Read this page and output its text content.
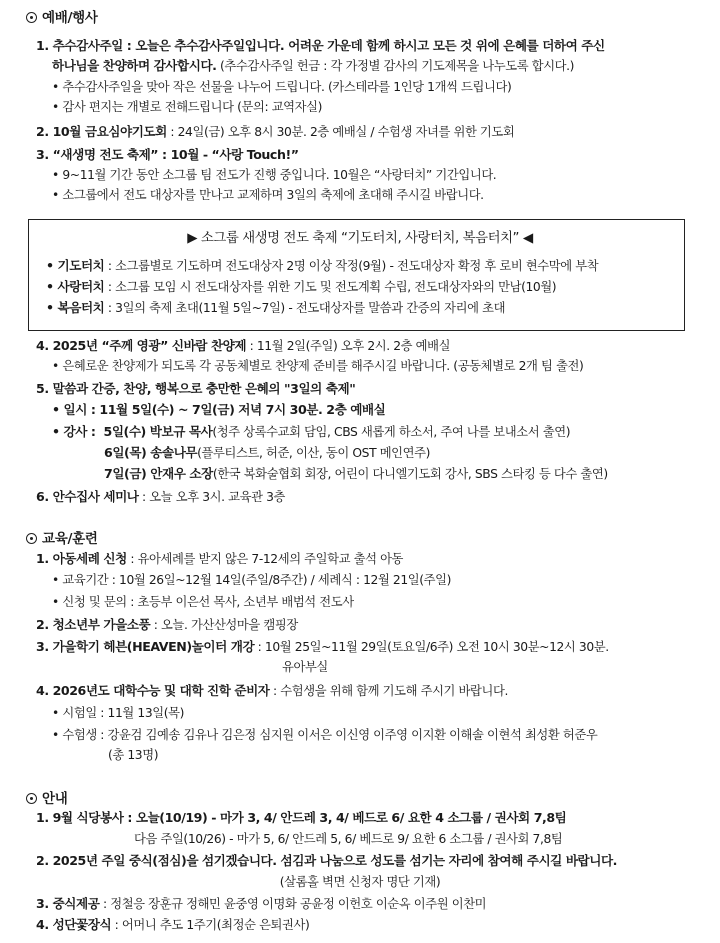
예배/행사
1. 추수감사주일 : 오늘은 추수감사주일입니다. 어려운 가운데 함께 하시고 모든 것 위에 은혜를 더하여 주신
하나님을 찬양하며 감사합시다. (추수감사주일 헌금 : 각 가정별 감사의 기도제목을 나누도록 합시다.)
• 추수감사주일을 맞아 작은 선물을 나누어 드립니다. (카스테라를 1인당 1개씩 드립니다)
• 감사 편지는 개별로 전해드립니다 (문의: 교역자실)
2. 10월 금요심야기도회 : 24일(금) 오후 8시 30분. 2층 예배실 / 수험생 자녀를 위한 기도회
3. “새생명 전도 축제” : 10월 - “사랑 Touch!”
• 9~11월 기간 동안 소그룹 팀 전도가 진행 중입니다. 10월은 “사랑터치” 기간입니다.
• 소그룹에서 전도 대상자를 만나고 교제하며 3일의 축제에 초대해 주시길 바랍니다.
▶ 소그룹 새생명 전도 축제 “기도터치, 사랑터치, 복음터치” ◀
• 기도터치 : 소그룹별로 기도하며 전도대상자 2명 이상 작정(9월) - 전도대상자 확정 후 로비 현수막에 부착
• 사랑터치 : 소그룹 모임 시 전도대상자를 위한 기도 및 전도계획 수립, 전도대상자와의 만남(10월)
• 복음터치 : 3일의 축제 초대(11월 5일~7일) - 전도대상자를 말씀과 간증의 자리에 초대
4. 2025년 “주께 영광” 신바람 찬양제 : 11월 2일(주일) 오후 2시. 2층 예배실
• 은혜로운 찬양제가 되도록 각 공동체별로 찬양제 준비를 해주시길 바랍니다. (공동체별로 2개 팀 출전)
5. 말씀과 간증, 찬양, 행복으로 충만한 은혜의 "3일의 축제"
• 일시 : 11월 5일(수) ~ 7일(금) 저녁 7시 30분. 2층 예배실
• 강사 : 5일(수) 박보규 목사(청주 상록수교회 담임, CBS 새롭게 하소서, 주여 나를 보내소서 출연)
6일(목) 송솔나무(플루티스트, 허준, 이산, 동이 OST 메인연주)
7일(금) 안재우 소장(한국 복화술협회 회장, 어린이 다니엘기도회 강사, SBS 스타킹 등 다수 출연)
6. 안수집사 세미나 : 오늘 오후 3시. 교육관 3층
교육/훈련
1. 아동세례 신청 : 유아세례를 받지 않은 7-12세의 주일학교 출석 아동
• 교육기간 : 10월 26일~12월 14일(주일/8주간) / 세례식 : 12월 21일(주일)
• 신청 및 문의 : 초등부 이은선 목사, 소년부 배범석 전도사
2. 청소년부 가을소풍 : 오늘. 가산산성마을 캠핑장
3. 가을학기 헤븐(HEAVEN)놀이터 개강 : 10월 25일~11월 29일(토요일/6주) 오전 10시 30분~12시 30분.
유아부실
4. 2026년도 대학수능 및 대학 진학 준비자 : 수험생을 위해 함께 기도해 주시기 바랍니다.
• 시험일 : 11월 13일(목)
• 수험생 : 강윤검 김예송 김유나 김은정 심지원 이서은 이신영 이주영 이지환 이해솔 이현석 최성환 허준우
(총 13명)
안내
1. 9월 식당봉사 : 오늘(10/19) - 마가 3, 4/ 안드레 3, 4/ 베드로 6/ 요한 4 소그룹 / 권사회 7,8팀
다음 주일(10/26) - 마가 5, 6/ 안드레 5, 6/ 베드로 9/ 요한 6 소그룹 / 권사회 7,8팀
2. 2025년 주일 중식(점심)을 섬기겠습니다. 섬김과 나눔으로 성도를 섬기는 자리에 참여해 주시길 바랍니다.
(살롬홀 벽면 신청자 명단 기재)
3. 중식제공 : 정철응 장훈규 정해민 윤중영 이명화 공윤정 이헌호 이순옥 이주원 이찬미
4. 성단꽃장식 : 어머니 추도 1주기(최정순 은퇴권사)
